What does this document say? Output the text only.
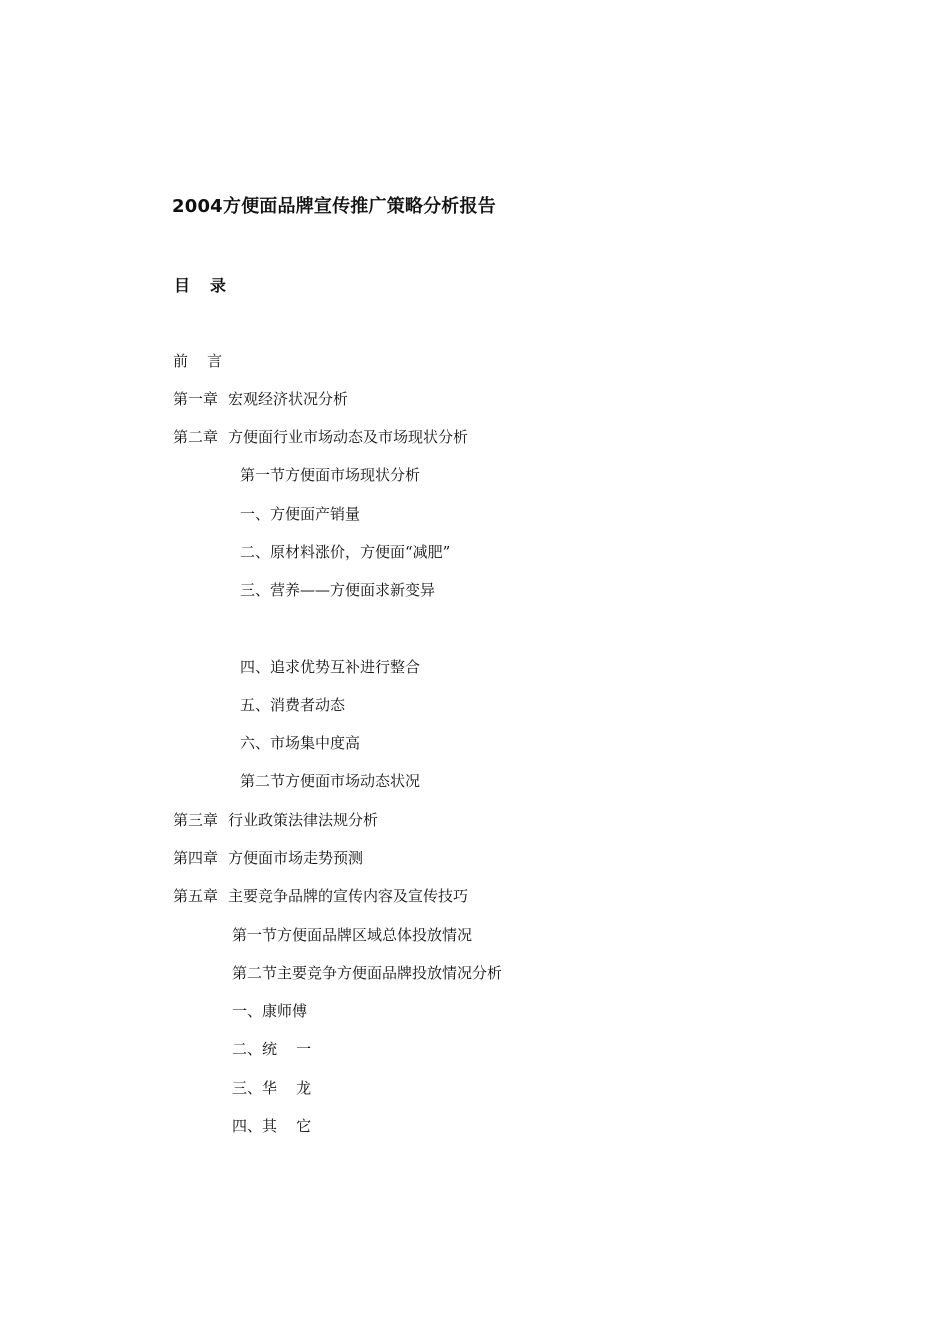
2004方便面品牌宣传推广策略分析报告
目 录
前    言
第一章 宏观经济状况分析
第二章 方便面行业市场动态及市场现状分析
第一节方便面市场现状分析
一、方便面产销量
二、原材料涨价，方便面“减肥”
三、营养——方便面求新变异
四、追求优势互补进行整合
五、消费者动态
六、市场集中度高
第二节方便面市场动态状况
第三章 行业政策法律法规分析
第四章 方便面市场走势预测
第五章 主要竞争品牌的宣传内容及宣传技巧
第一节方便面品牌区域总体投放情况
第二节主要竞争方便面品牌投放情况分析
一、康师傅
二、统    一
三、华    龙
四、其    它
